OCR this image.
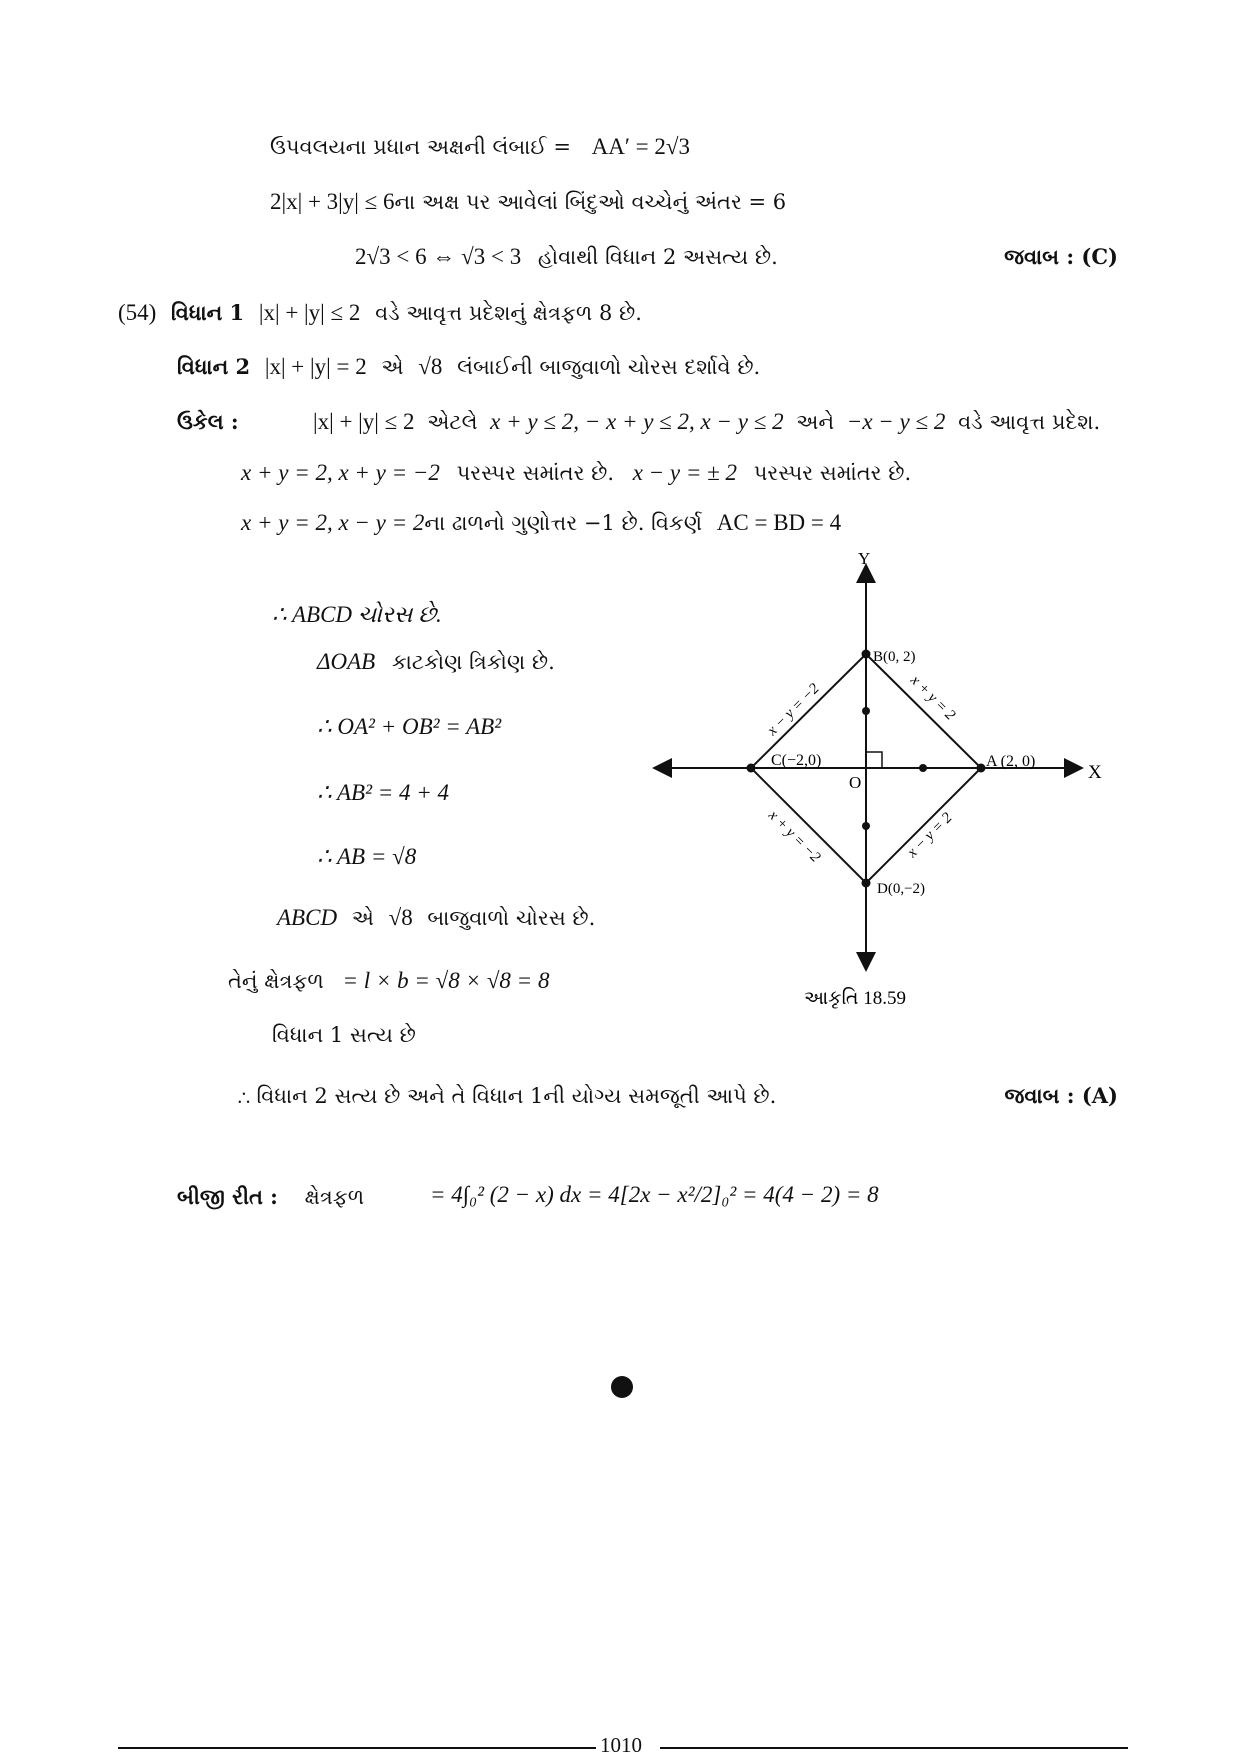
ઉપવલયના પ્રધાન અક્ષની લંબાઈ = AA′ = 2√3
2|x| + 3|y| ≤ 6ના અક્ષ પર આવેલાં બિંદુઓ વચ્ચેનું અંતર = 6
2√3 < 6 ⇔ √3 < 3 હોવાથી વિધાન 2 અસત્ય છે.	જવાબ : (C)
(54) વિધાન 1 |x| + |y| ≤ 2 વડે આવૃત્ત પ્રદેશનું ક્ષેત્રફળ 8 છે.
વિધાન 2 |x| + |y| = 2 એ √8 લંબાઈની બાજુવાળો ચોરસ દર્શાવે છે.
ઉકેલ :	|x| + |y| ≤ 2 એટલે x + y ≤ 2, − x + y ≤ 2, x − y ≤ 2 અને −x − y ≤ 2 વડે આવૃત્ત પ્રદેશ.
x + y = 2, x + y = −2 પરસ્પર સમાંતર છે. x − y = ± 2 પરસ્પર સમાંતર છે.
x + y = 2, x − y = 2ના ઢાળનો ગુણોત્તર −1 છે. વિકર્ણ AC = BD = 4
∴ ABCD ચોરસ છે.
ΔOAB કાટકોણ ત્રિકોણ છે.
∴ OA² + OB² = AB²
∴ AB² = 4 + 4
∴ AB = √8
ABCD એ √8 બાજુવાળો ચોરસ છે.
તેનું ક્ષેત્રફળ = l × b = √8 × √8 = 8
વિધાન 1 સત્ય છે
∴ વિધાન 2 સત્ય છે અને તે વિધાન 1ની યોગ્ય સમજૂતી આપે છે.	જવાબ : (A)
બીજી રીત : ક્ષેત્રફળ	= 4∫₀² (2 − x) dx = 4[2x − x²/2]₀² = 4(4 − 2) = 8
X
Y
O
A (2, 0)
B(0, 2)
C(−2,0)
D(0,−2)
x + y = 2
x − y = −2
x + y = −2	x − y = 2
આકૃતિ 18.59
1010
